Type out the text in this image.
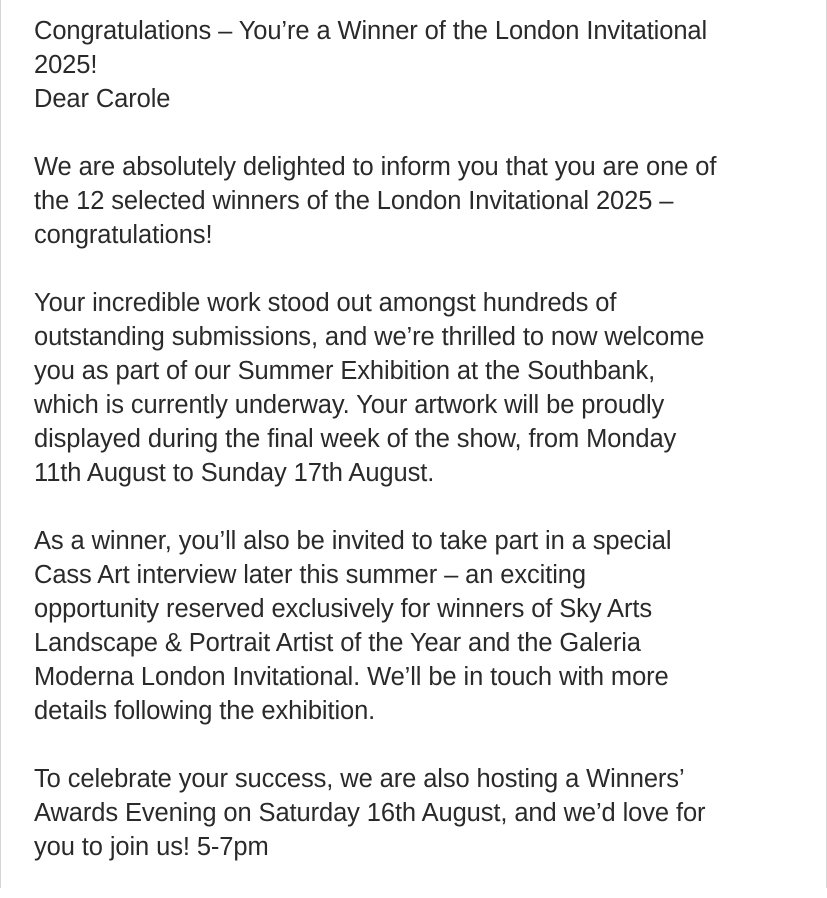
Congratulations – You’re a Winner of the London Invitational
2025!

Dear Carole

We are absolutely delighted to inform you that you are one of
the 12 selected winners of the London Invitational 2025 –
congratulations!

Your incredible work stood out amongst hundreds of
outstanding submissions, and we’re thrilled to now welcome
you as part of our Summer Exhibition at the Southbank,
which is currently underway. Your artwork will be proudly
displayed during the final week of the show, from Monday
11th August to Sunday 17th August.

As a winner, you’ll also be invited to take part in a special
Cass Art interview later this summer – an exciting
opportunity reserved exclusively for winners of Sky Arts
Landscape & Portrait Artist of the Year and the Galeria
Moderna London Invitational. We’ll be in touch with more
details following the exhibition.

To celebrate your success, we are also hosting a Winners’
Awards Evening on Saturday 16th August, and we’d love for
you to join us! 5-7pm
